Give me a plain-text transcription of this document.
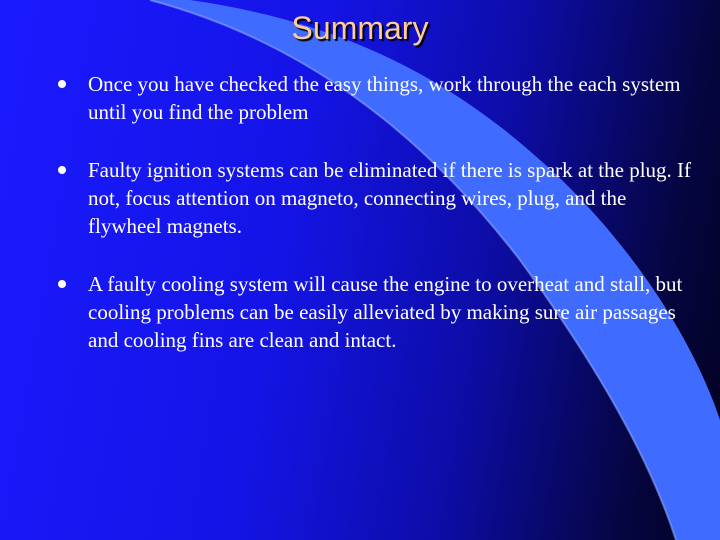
Summary
Once you have checked the easy things, work through the each system until you find the problem
Faulty ignition systems can be eliminated if there is spark at the plug. If not, focus attention on magneto, connecting wires, plug, and the flywheel magnets.
A faulty cooling system will cause the engine to overheat and stall, but cooling problems can be easily alleviated by making sure air passages and cooling fins are clean and intact.
